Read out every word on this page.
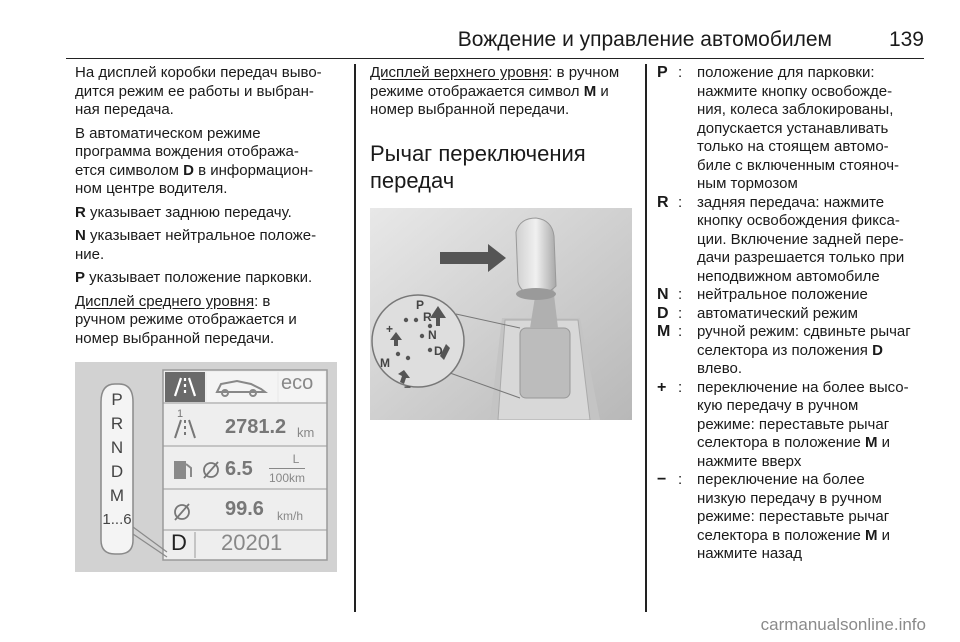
Вождение и управление автомобилем	139

На дисплей коробки передач выво-
дится режим ее работы и выбран-
ная передача.

В автоматическом режиме
программа вождения отобража-
ется символом D в информацион-
ном центре водителя.

R указывает заднюю передачу.

N указывает нейтральное положе-
ние.

P указывает положение парковки.

Дисплей среднего уровня: в
ручном режиме отображается и
номер выбранной передачи.

eco
1
2781.2 km
6.5	L
100km
99.6 km/h
D 20201
P
R
N
D
M
1...6

Дисплей верхнего уровня: в ручном
режиме отображается символ M и
номер выбранной передачи.

Рычаг переключения
передач
P
R
N
D
M
+
−
P : положение для парковки:
нажмите кнопку освобожде-
ния, колеса заблокированы,
допускается устанавливать
только на стоящем автомо-
биле с включенным стояноч-
ным тормозом
R : задняя передача: нажмите
кнопку освобождения фикса-
ции. Включение задней пере-
дачи разрешается только при
неподвижном автомобиле
N : нейтральное положение
D : автоматический режим
M : ручной режим: сдвиньте рычаг
селектора из положения D
влево.
+ : переключение на более высо-
кую передачу в ручном
режиме: переставьте рычаг
селектора в положение M и
нажмите вверх
− : переключение на более
низкую передачу в ручном
режиме: переставьте рычаг
селектора в положение M и
нажмите назад
carmanualsonline.info
